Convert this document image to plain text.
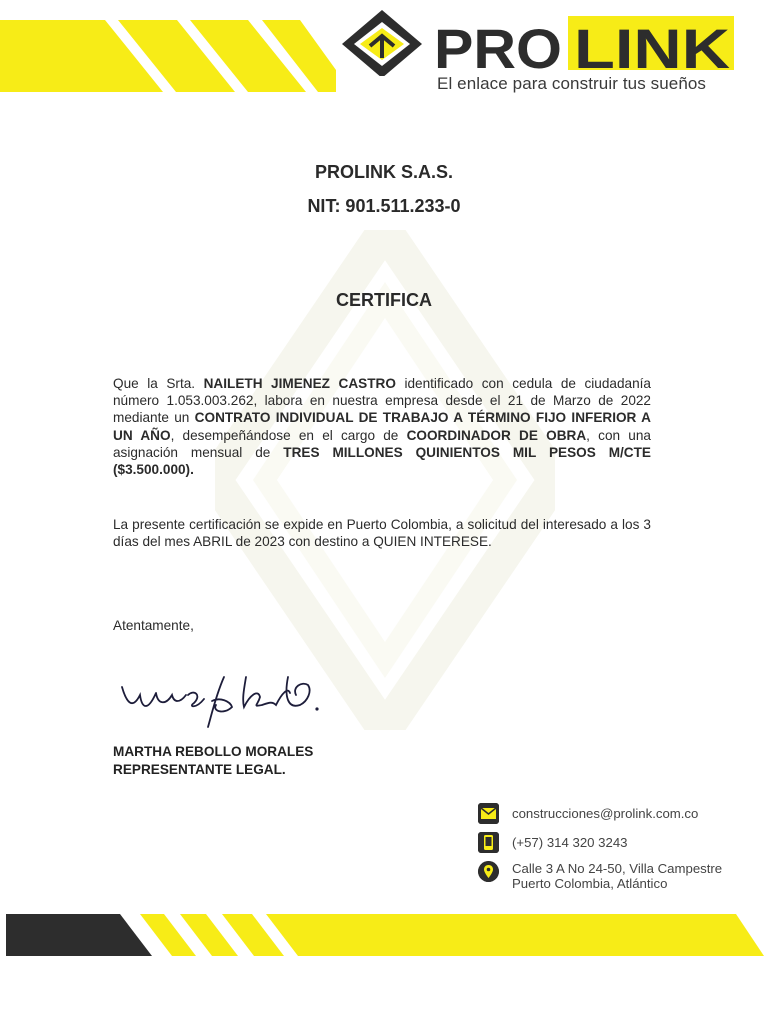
PRO LINK
El enlace para construir tus sueños
PROLINK S.A.S.
NIT: 901.511.233-0
CERTIFICA
Que la Srta. NAILETH JIMENEZ CASTRO identificado con cedula de ciudadanía número 1.053.003.262, labora en nuestra empresa desde el 21 de Marzo de 2022 mediante un CONTRATO INDIVIDUAL DE TRABAJO A TÉRMINO FIJO INFERIOR A UN AÑO, desempeñándose en el cargo de COORDINADOR DE OBRA, con una asignación mensual de TRES MILLONES QUINIENTOS MIL PESOS M/CTE ($3.500.000).
La presente certificación se expide en Puerto Colombia, a solicitud del interesado a los 3 días del mes ABRIL de 2023 con destino a QUIEN INTERESE.
Atentamente,
MARTHA REBOLLO MORALES
REPRESENTANTE LEGAL.
construcciones@prolink.com.co
(+57) 314 320 3243
Calle 3 A No 24-50, Villa Campestre
Puerto Colombia, Atlántico
